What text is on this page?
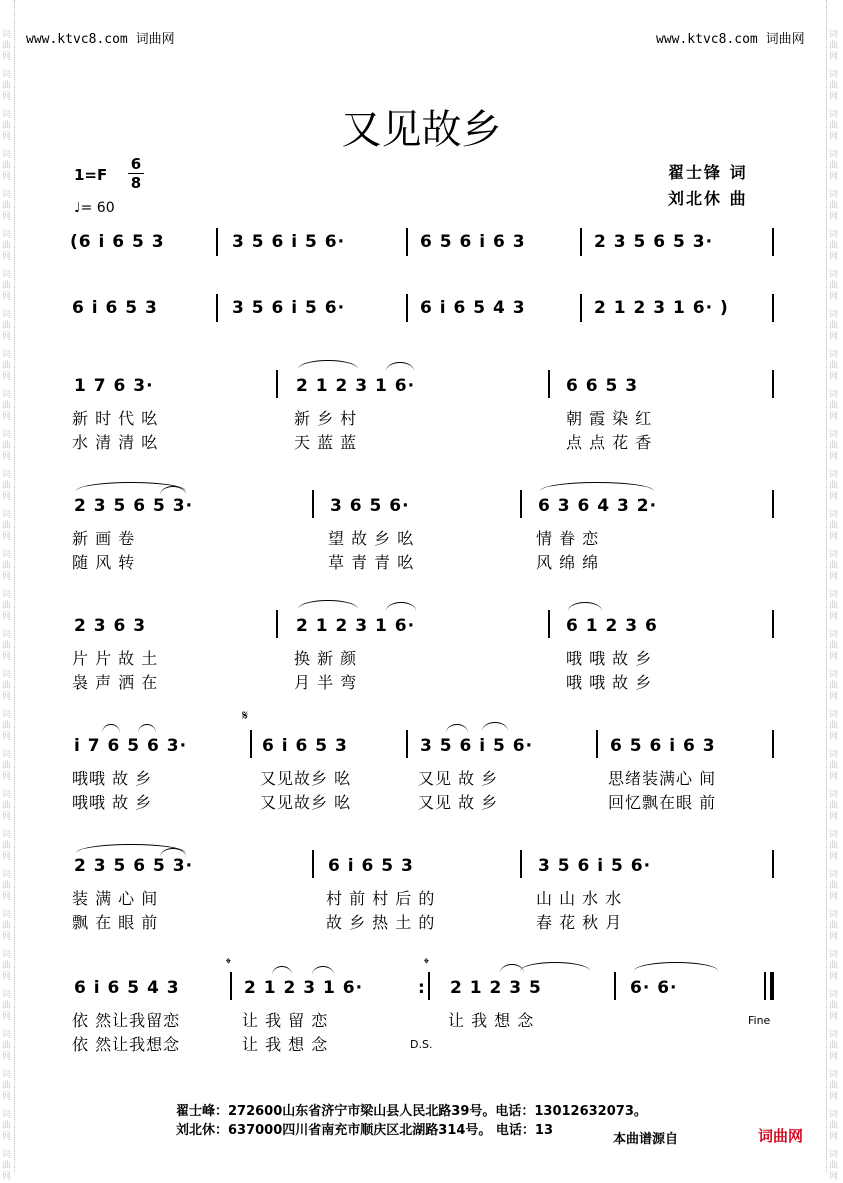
词
曲
网
词
曲
网
词
曲
网
词
曲
网
词
曲
网
词
曲
网
词
曲
网
词
曲
网
词
曲
网
词
曲
网
词
曲
网
词
曲
网
词
曲
网
词
曲
网
词
曲
网
词
曲
网
词
曲
网
词
曲
网
词
曲
网
词
曲
网
词
曲
网
词
曲
网
词
曲
网
词
曲
网
词
曲
网
词
曲
网
词
曲
网
词
曲
网
词
曲
网
词
曲
网
词
曲
网
词
曲
网
词
曲
网
词
曲
网
词
曲
网
词
曲
网
词
曲
网
词
曲
网
词
曲
网
词
曲
网
词
曲
网
词
曲
网
词
曲
网
词
曲
网
词
曲
网
词
曲
网
词
曲
网
词
曲
网
词
曲
网
词
曲
网
词
曲
网
词
曲
网
词
曲
网
词
曲
网
词
曲
网
词
曲
网
词
曲
网
词
曲
网
www.ktvc8.com 词曲网	www.ktvc8.com 词曲网
又见故乡
1=F
6
8
♩= 60
翟士锋 词
刘北休 曲
(6 i 6 5 3	3 5 6 i 5 6·	6 5 6 i 6 3	2 3 5 6 5 3·
6 i 6 5 3	3 5 6 i 5 6·	6 i 6 5 4 3	2 1 2 3 1 6· )
1 7 6 3·	2 1 2 3 1 6·	6 6 5 3
新 时 代 吆	新 乡 村	朝 霞 染 红
水 清 清 吆	天 蓝 蓝	点 点 花 香
2 3 5 6 5 3·	3 6 5 6·	6 3 6 4 3 2·
新 画 卷	望 故 乡 吆	情 眷 恋
随 风 转	草 青 青 吆	风 绵 绵
2 3 6 3	2 1 2 3 1 6·	6 1 2 3 6
片 片 故 土	换 新 颜	哦 哦 故 乡
袅 声 洒 在	月 半 弯	哦 哦 故 乡
𝄋
i 7 6 5 6 3·	6 i 6 5 3	3 5 6 i 5 6·	6 5 6 i 6 3
哦哦 故 乡	又见故乡 吆	又见 故 乡	思绪装满心 间
哦哦 故 乡	又见故乡 吆	又见 故 乡	回忆飘在眼 前
2 3 5 6 5 3·	6 i 6 5 3	3 5 6 i 5 6·
装 满 心 间	村 前 村 后 的	山 山 水 水
飘 在 眼 前	故 乡 热 土 的	春 花 秋 月
𝄌	𝄌
6 i 6 5 4 3	2 1 2 3 1 6·	: 2 1 2 3 5	6· 6·
依 然让我留恋	让 我 留 恋	让 我 想 念	Fine
依 然让我想念	让 我 想 念	D.S.
翟士峰：272600山东省济宁市梁山县人民北路39号。电话：13012632073。
刘北休：637000四川省南充市顺庆区北湖路314号。 电话：13
本曲谱源自	词曲网
